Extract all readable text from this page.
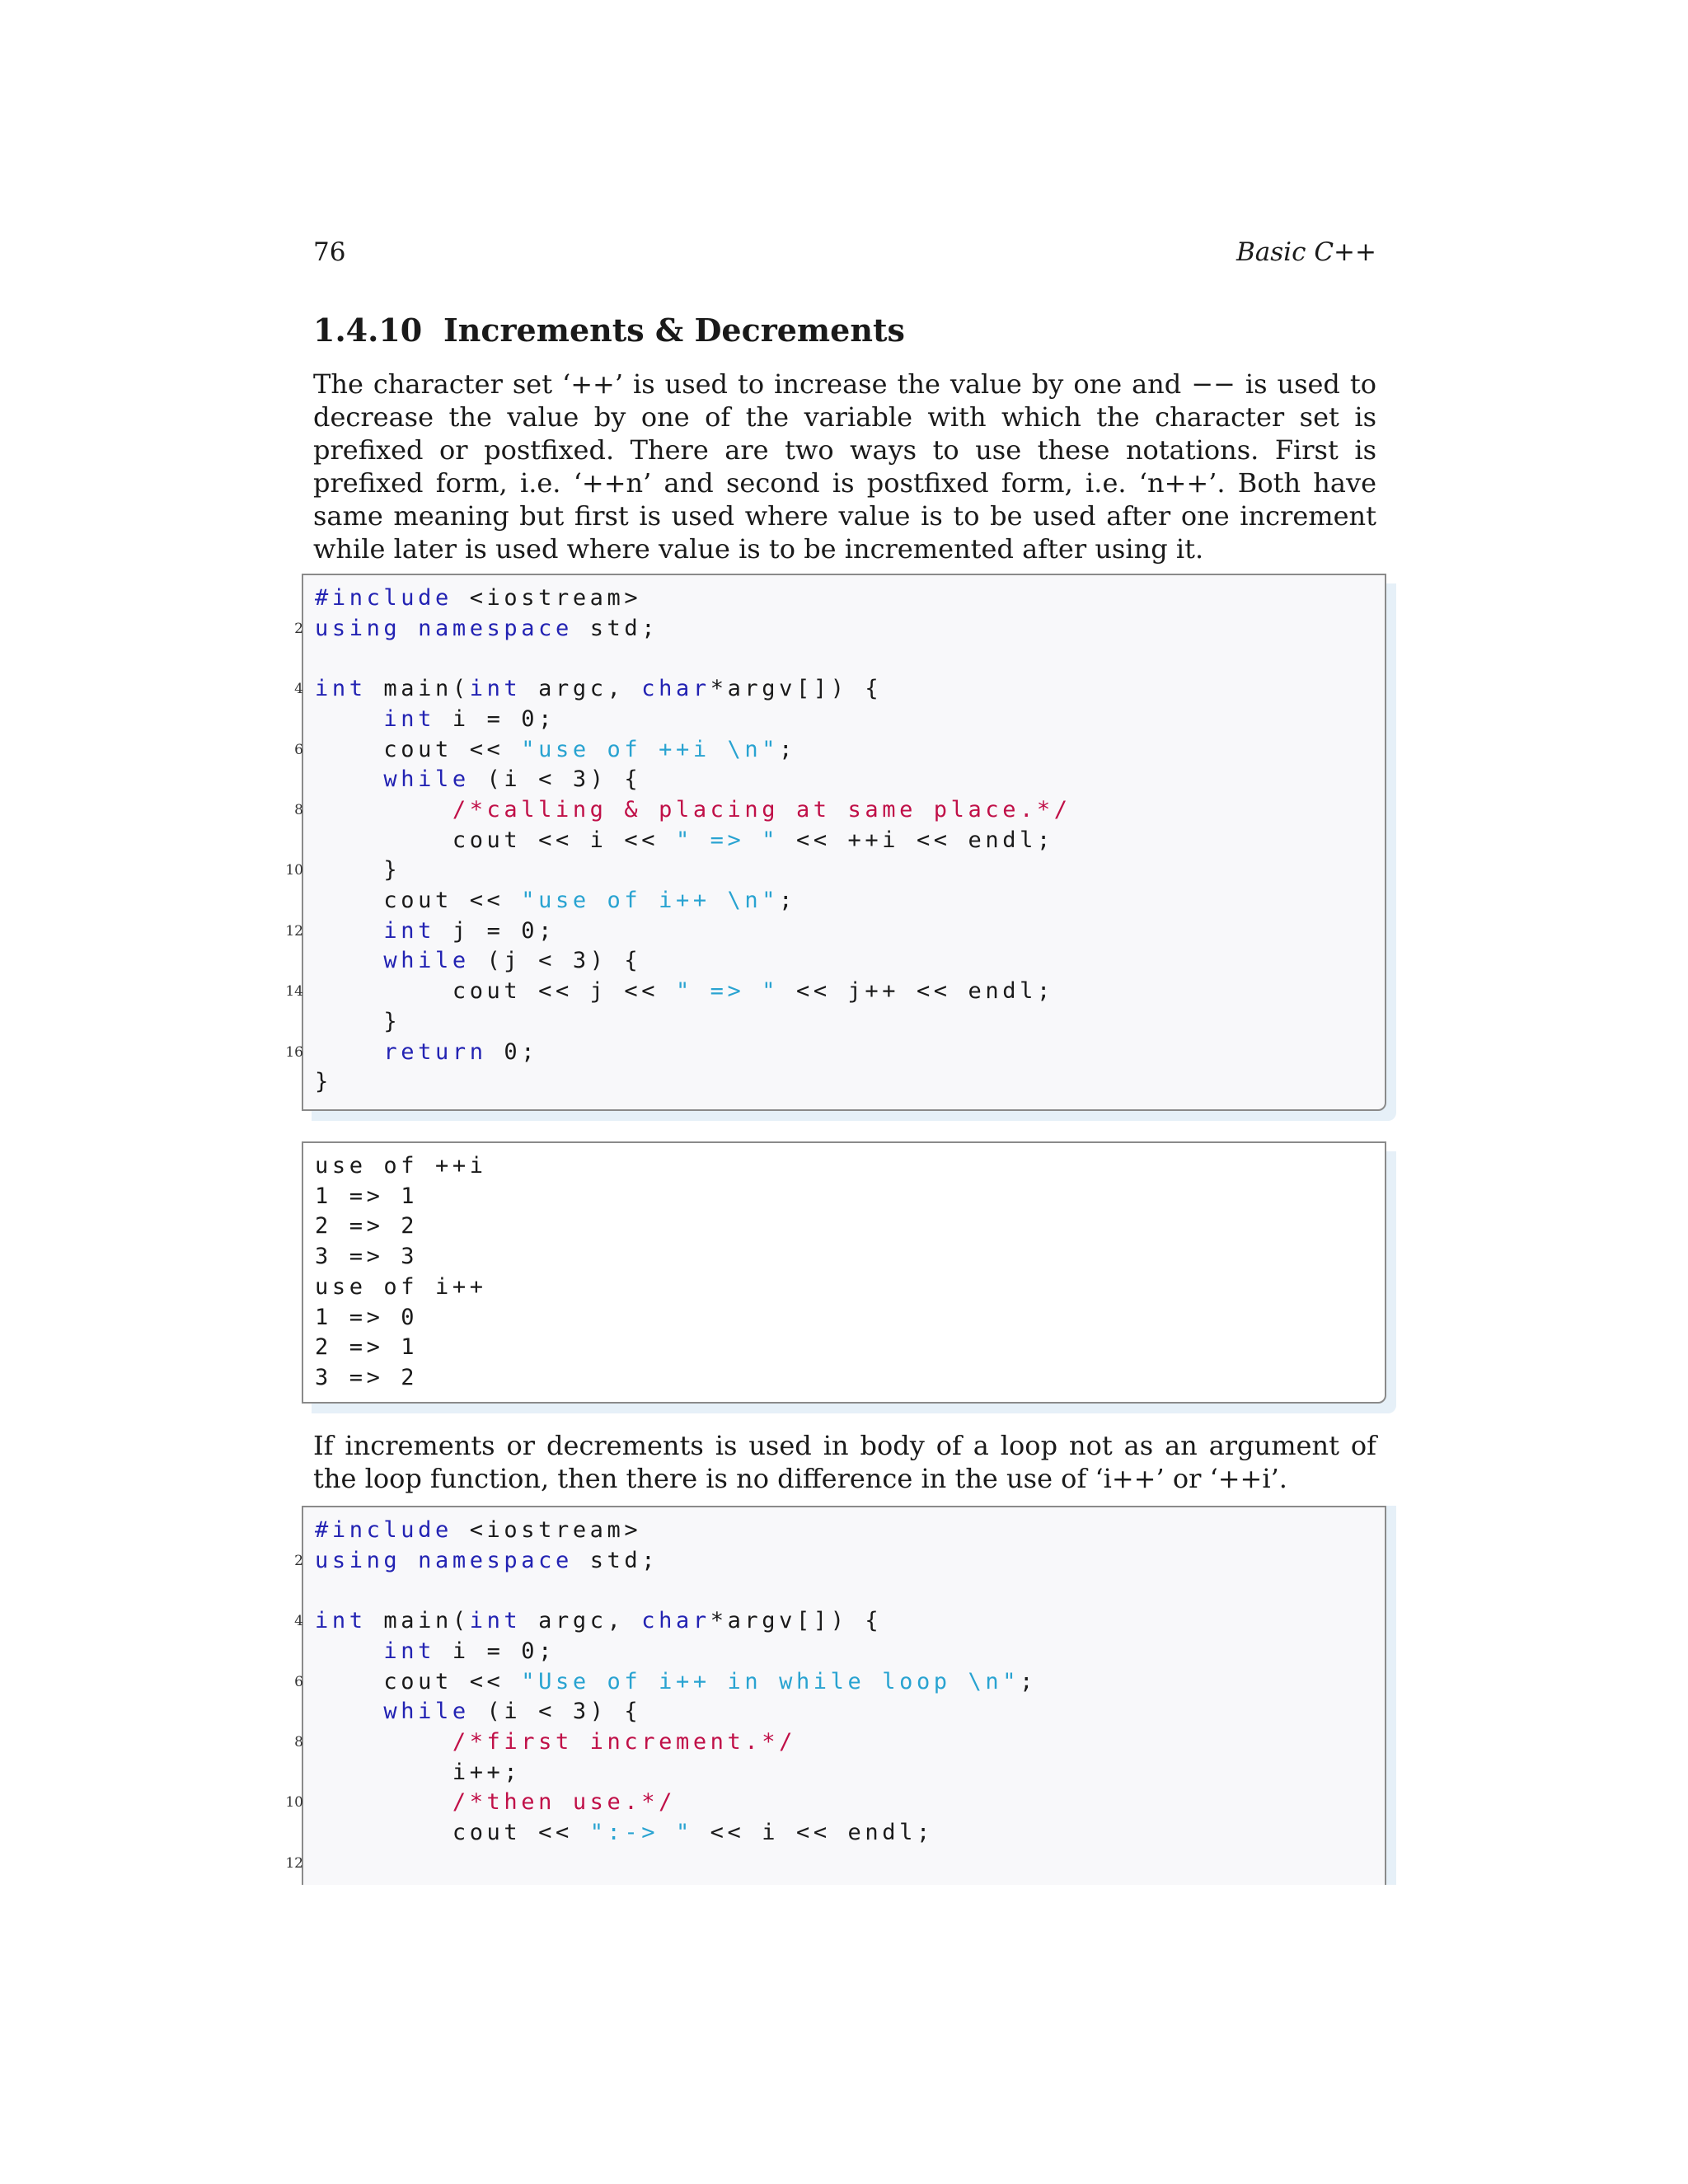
76	Basic C++
1.4.10 Increments & Decrements

The character set ‘++’ is used to increase the value by one and −− is used to decrease the value by one of the variable with which the character set is prefixed or postfixed. There are two ways to use these notations. First is prefixed form, i.e. ‘++n’ and second is postfixed form, i.e. ‘n++’. Both have same meaning but first is used where value is to be used after one increment while later is used where value is to be incremented after using it.

#include <iostream>
2 using namespace std;
4 int main(int argc, char*argv[]) {
int i = 0;
6 cout << "use of ++i \n";
while (i < 3) {
8	/*calling & placing at same place.*/
cout << i << " => " << ++i << endl;
10 }
cout << "use of i++ \n";
12	int j = 0;
while (j < 3) {
14 cout << j << " => " << j++ << endl;
}
16	return 0;
}
use of ++i
1 => 1
2 => 2
3 => 3
use of i++
1 => 0
2 => 1
3 => 2

If increments or decrements is used in body of a loop not as an argument of the loop function, then there is no difference in the use of ‘i++’ or ‘++i’.

#include <iostream>
2 using namespace std;
4 int main(int argc, char*argv[]) {
int i = 0;
6 cout << "Use of i++ in while loop \n";
while (i < 3) {
8	/*first increment.*/
i++;
10	/*then use.*/
cout << ":-> " << i << endl;
12
